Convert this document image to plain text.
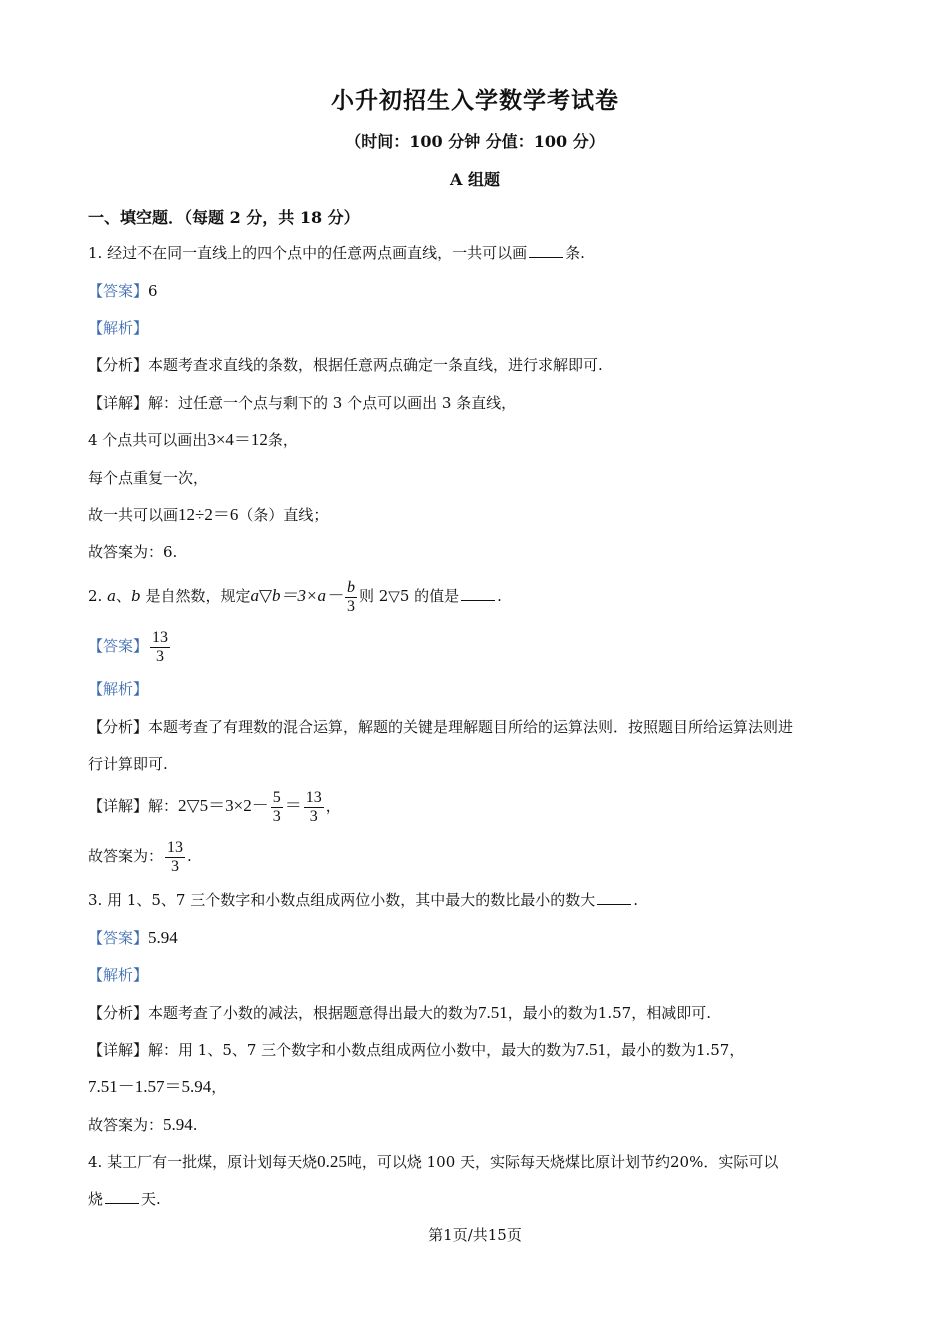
小升初招生入学数学考试卷
（时间：100 分钟 分值：100 分）
A 组题
一、填空题．（每题 2 分，共 18 分）
1. 经过不在同一直线上的四个点中的任意两点画直线，一共可以画	条.
【答案】6
【解析】
【分析】本题考查求直线的条数，根据任意两点确定一条直线，进行求解即可.
【详解】解：过任意一个点与剩下的 3 个点可以画出 3 条直线，
4 个点共可以画出3×4＝12条，
每个点重复一次，
故一共可以画12÷2＝6（条）直线；
故答案为：6.
2. a、b 是自然数，规定a▽b＝3×a－ $\frac{b}{3}$ 则 2▽5 的值是	.
【答案】 $\frac{13}{3}$
【解析】
【分析】本题考查了有理数的混合运算，解题的关键是理解题目所给的运算法则．按照题目所给运算法则进
行计算即可.
【详解】解：2▽5＝3×2－ $\frac{5}{3} = \frac{13}{3}$ ，
故答案为： $\frac{13}{3}$ .
3. 用 1、5、7 三个数字和小数点组成两位小数，其中最大的数比最小的数大	.
【答案】5.94
【解析】
【分析】本题考查了小数的减法，根据题意得出最大的数为7.51，最小的数为1.57，相减即可.
【详解】解：用 1、5、7 三个数字和小数点组成两位小数中，最大的数为7.51，最小的数为1.57，
7.51－1.57＝5.94，
故答案为：5.94.
4. 某工厂有一批煤，原计划每天烧0.25吨，可以烧 100 天，实际每天烧煤比原计划节约20%．实际可以
烧	天.
第1页/共15页
